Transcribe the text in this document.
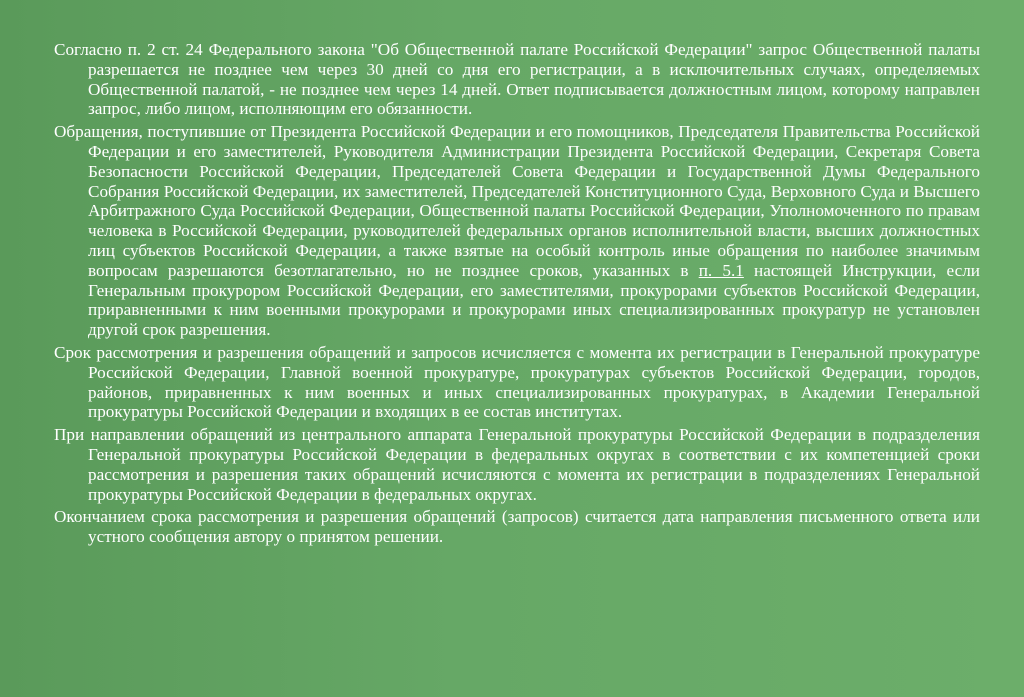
Согласно п. 2 ст. 24 Федерального закона "Об Общественной палате Российской Федерации" запрос Общественной палаты разрешается не позднее чем через 30 дней со дня его регистрации, а в исключительных случаях, определяемых Общественной палатой, - не позднее чем через 14 дней. Ответ подписывается должностным лицом, которому направлен запрос, либо лицом, исполняющим его обязанности.

Обращения, поступившие от Президента Российской Федерации и его помощников, Председателя Правительства Российской Федерации и его заместителей, Руководителя Администрации Президента Российской Федерации, Секретаря Совета Безопасности Российской Федерации, Председателей Совета Федерации и Государственной Думы Федерального Собрания Российской Федерации, их заместителей, Председателей Конституционного Суда, Верховного Суда и Высшего Арбитражного Суда Российской Федерации, Общественной палаты Российской Федерации, Уполномоченного по правам человека в Российской Федерации, руководителей федеральных органов исполнительной власти, высших должностных лиц субъектов Российской Федерации, а также взятые на особый контроль иные обращения по наиболее значимым вопросам разрешаются безотлагательно, но не позднее сроков, указанных в п. 5.1 настоящей Инструкции, если Генеральным прокурором Российской Федерации, его заместителями, прокурорами субъектов Российской Федерации, приравненными к ним военными прокурорами и прокурорами иных специализированных прокуратур не установлен другой срок разрешения.

Срок рассмотрения и разрешения обращений и запросов исчисляется с момента их регистрации в Генеральной прокуратуре Российской Федерации, Главной военной прокуратуре, прокуратурах субъектов Российской Федерации, городов, районов, приравненных к ним военных и иных специализированных прокуратурах, в Академии Генеральной прокуратуры Российской Федерации и входящих в ее состав институтах.

При направлении обращений из центрального аппарата Генеральной прокуратуры Российской Федерации в подразделения Генеральной прокуратуры Российской Федерации в федеральных округах в соответствии с их компетенцией сроки рассмотрения и разрешения таких обращений исчисляются с момента их регистрации в подразделениях Генеральной прокуратуры Российской Федерации в федеральных округах.

Окончанием срока рассмотрения и разрешения обращений (запросов) считается дата направления письменного ответа или устного сообщения автору о принятом решении.
